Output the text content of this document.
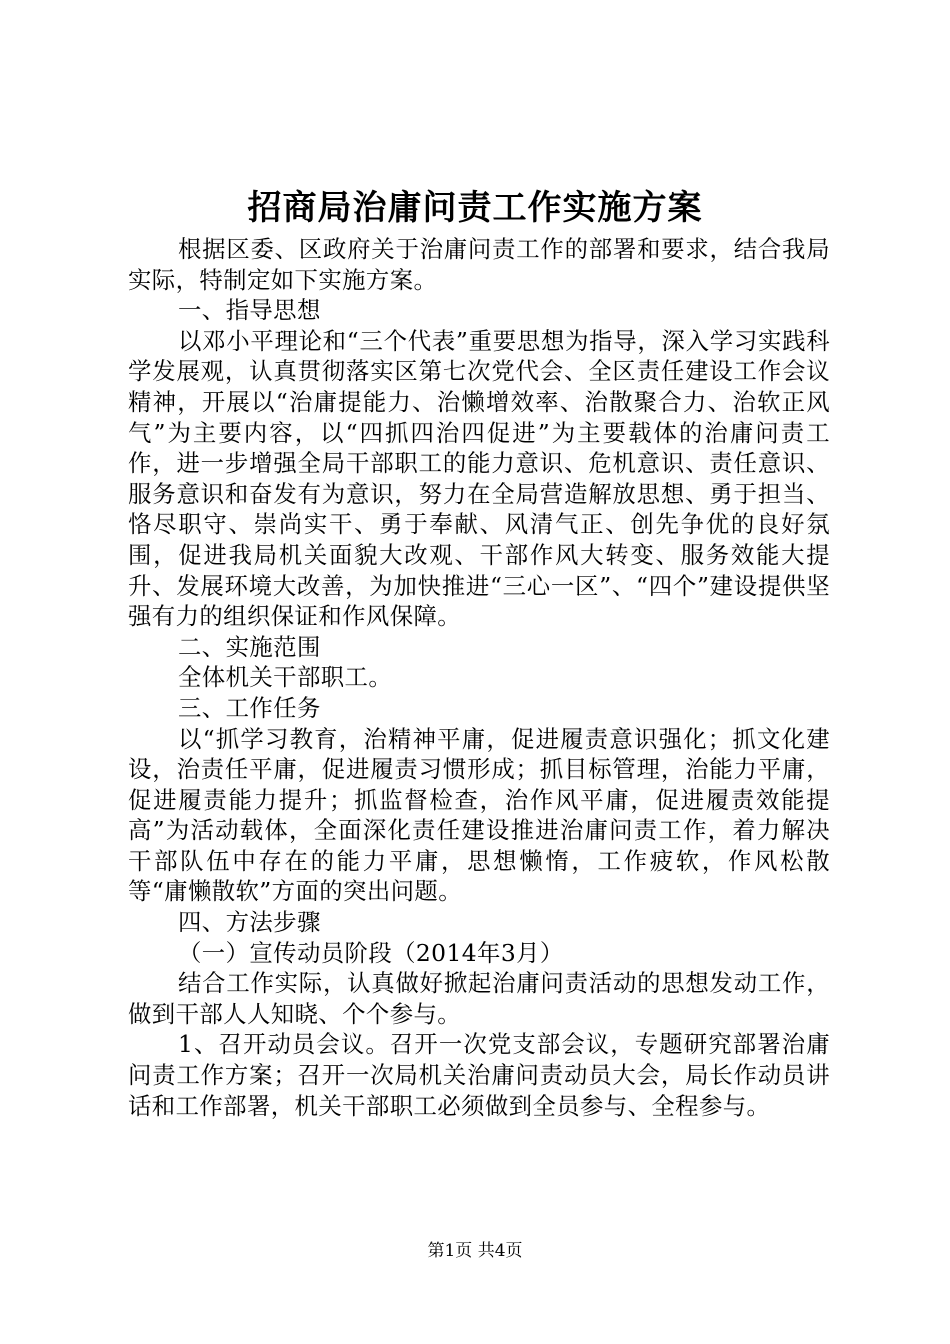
招商局治庸问责工作实施方案

根据区委、区政府关于治庸问责工作的部署和要求，结合我局实际，特制定如下实施方案。

一、指导思想

以邓小平理论和“三个代表”重要思想为指导，深入学习实践科学发展观，认真贯彻落实区第七次党代会、全区责任建设工作会议精神，开展以“治庸提能力、治懒增效率、治散聚合力、治软正风气”为主要内容，以“四抓四治四促进”为主要载体的治庸问责工作，进一步增强全局干部职工的能力意识、危机意识、责任意识、服务意识和奋发有为意识，努力在全局营造解放思想、勇于担当、恪尽职守、崇尚实干、勇于奉献、风清气正、创先争优的良好氛围，促进我局机关面貌大改观、干部作风大转变、服务效能大提升、发展环境大改善，为加快推进“三心一区”、“四个”建设提供坚强有力的组织保证和作风保障。

二、实施范围

全体机关干部职工。

三、工作任务

以“抓学习教育，治精神平庸，促进履责意识强化；抓文化建设，治责任平庸，促进履责习惯形成；抓目标管理，治能力平庸，促进履责能力提升；抓监督检查，治作风平庸，促进履责效能提高”为活动载体，全面深化责任建设推进治庸问责工作，着力解决干部队伍中存在的能力平庸，思想懒惰，工作疲软，作风松散等“庸懒散软”方面的突出问题。

四、方法步骤

（一）宣传动员阶段（2014年3月）

结合工作实际，认真做好掀起治庸问责活动的思想发动工作，做到干部人人知晓、个个参与。

1、召开动员会议。召开一次党支部会议，专题研究部署治庸问责工作方案；召开一次局机关治庸问责动员大会，局长作动员讲话和工作部署，机关干部职工必须做到全员参与、全程参与。

第1页 共4页
